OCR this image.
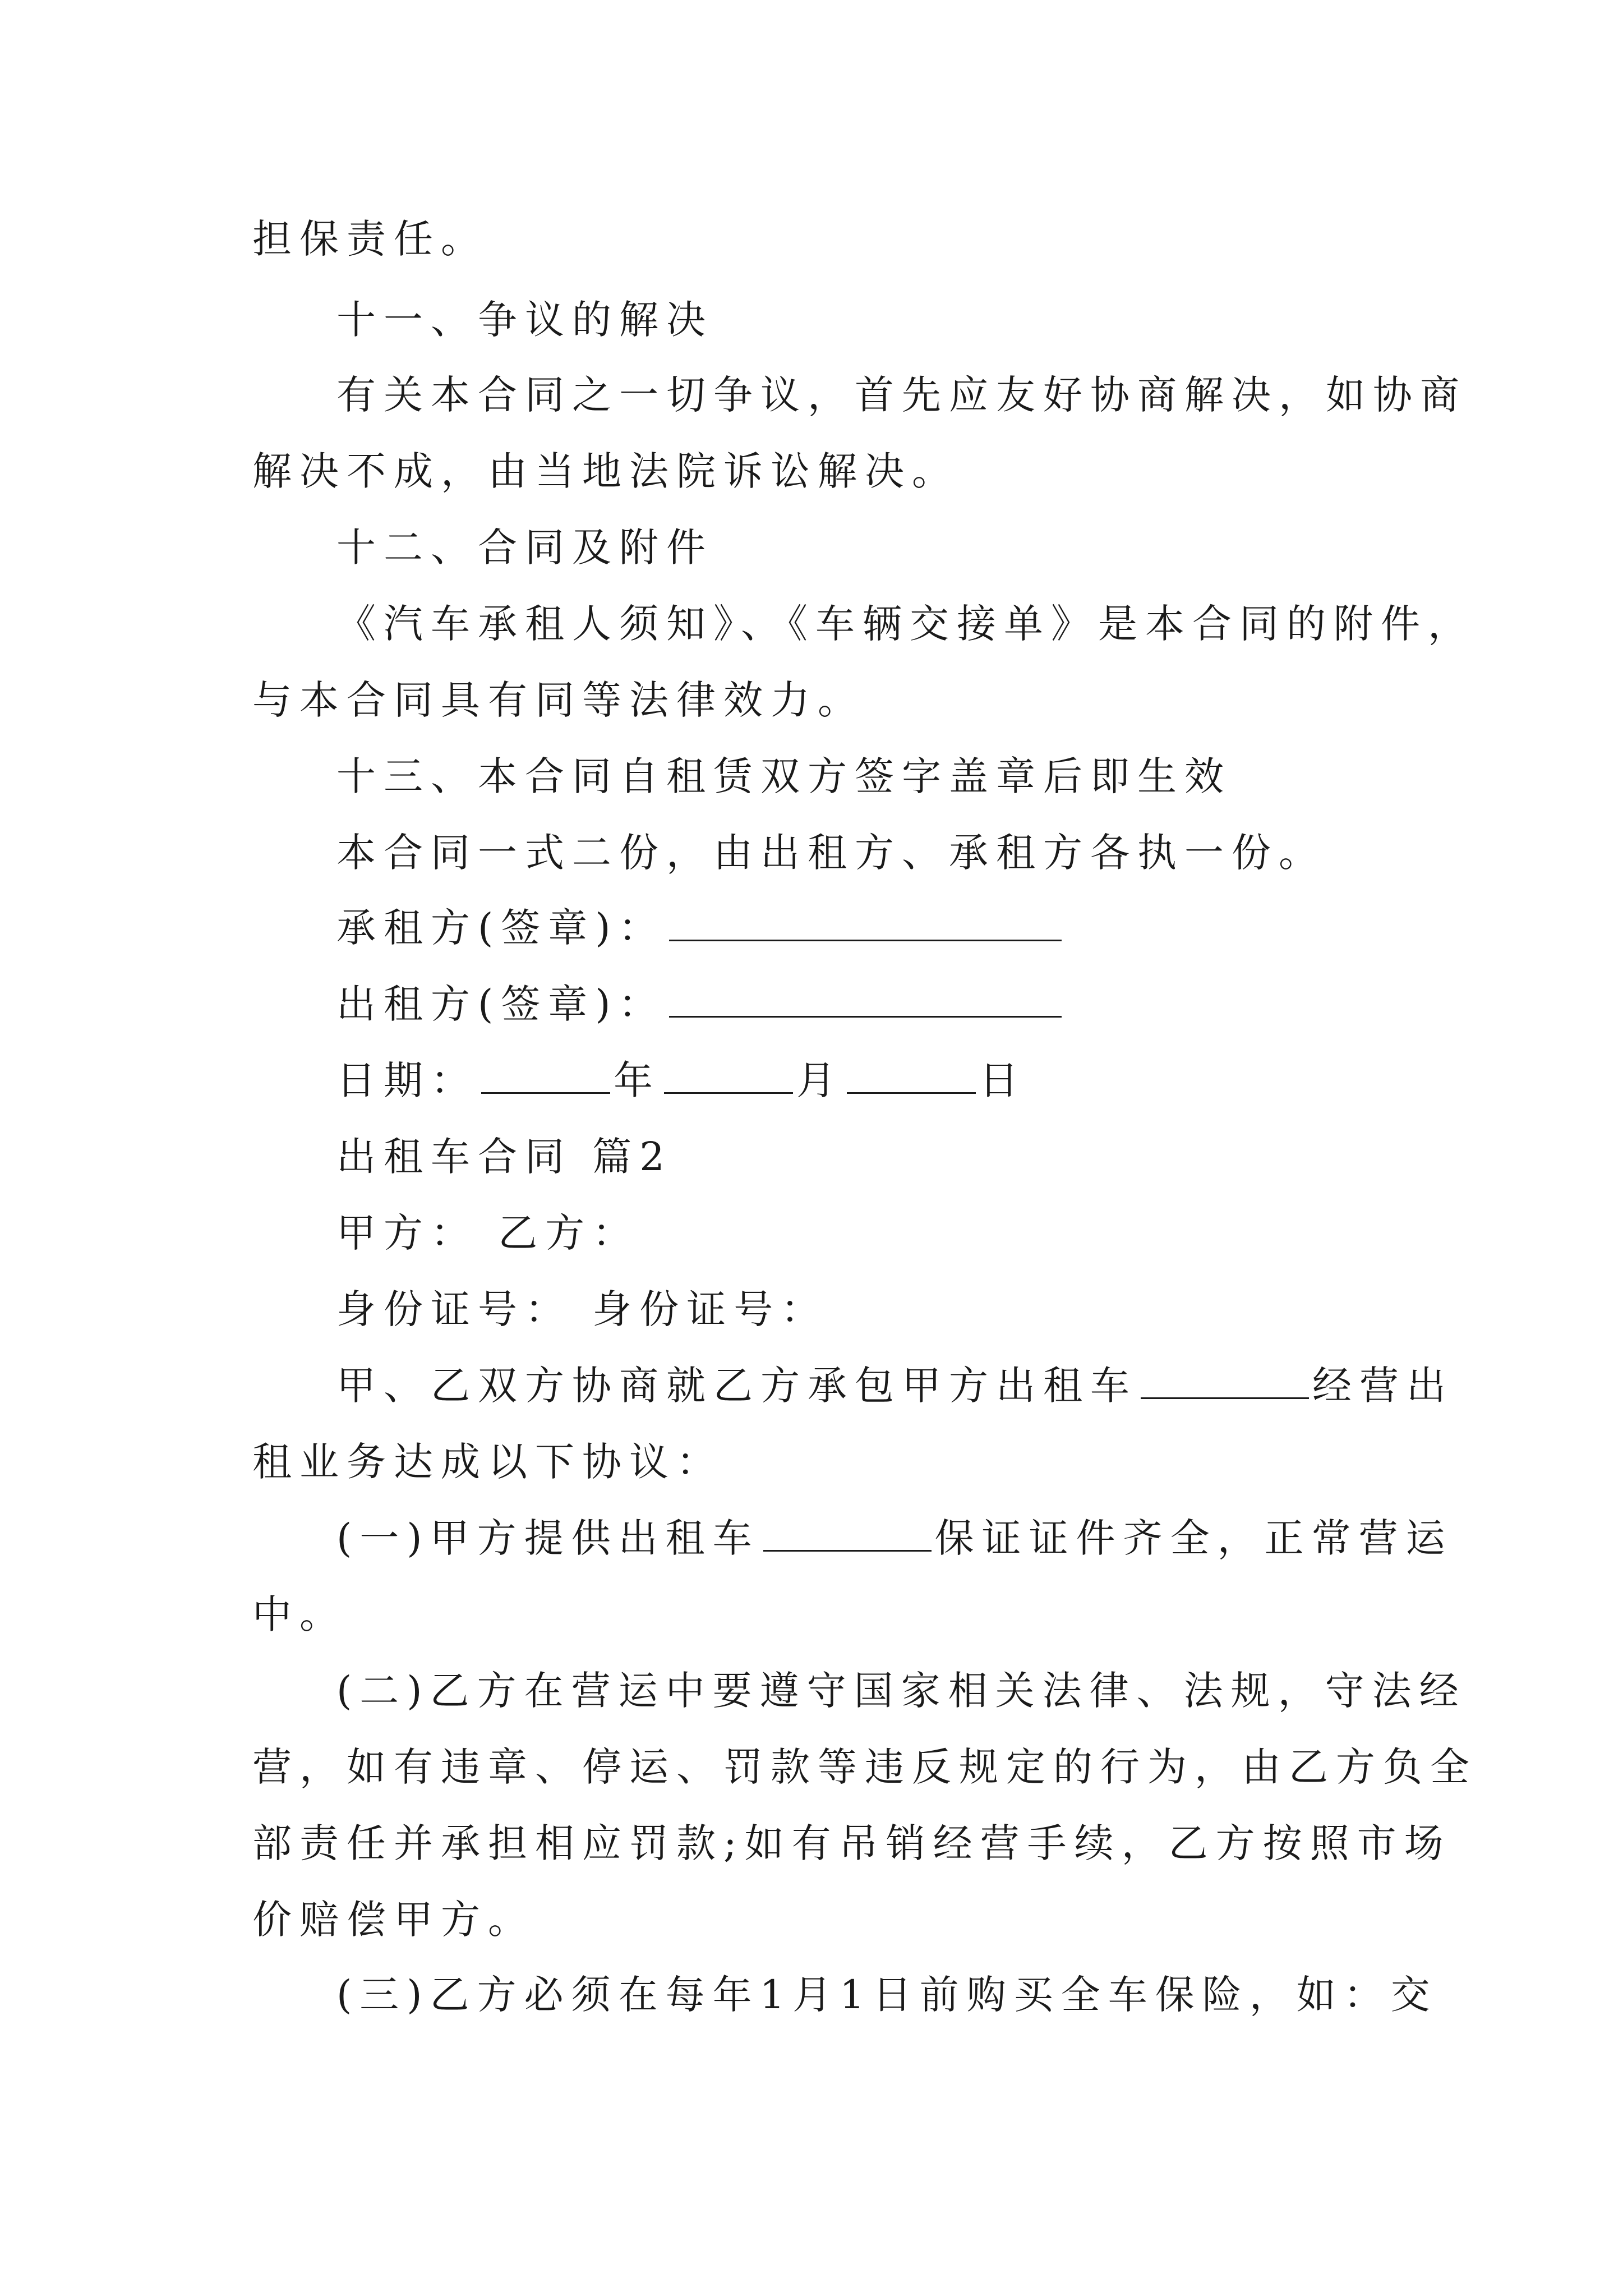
担保责任。
十一、争议的解决
有关本合同之一切争议，首先应友好协商解决，如协商
解决不成，由当地法院诉讼解决。
十二、合同及附件
《汽车承租人须知》、《车辆交接单》是本合同的附件，
与本合同具有同等法律效力。
十三、本合同自租赁双方签字盖章后即生效
本合同一式二份，由出租方、承租方各执一份。
承租方(签章)：
出租方(签章)：
日期：	年	月	日
出租车合同 篇2
甲方： 乙方：
身份证号： 身份证号：
甲、乙双方协商就乙方承包甲方出租车	经营出
租业务达成以下协议：
(一)甲方提供出租车	保证证件齐全，正常营运
中。
(二)乙方在营运中要遵守国家相关法律、法规，守法经
营，如有违章、停运、罚款等违反规定的行为，由乙方负全
部责任并承担相应罚款;如有吊销经营手续，乙方按照市场
价赔偿甲方。
(三)乙方必须在每年1月1日前购买全车保险，如：交
